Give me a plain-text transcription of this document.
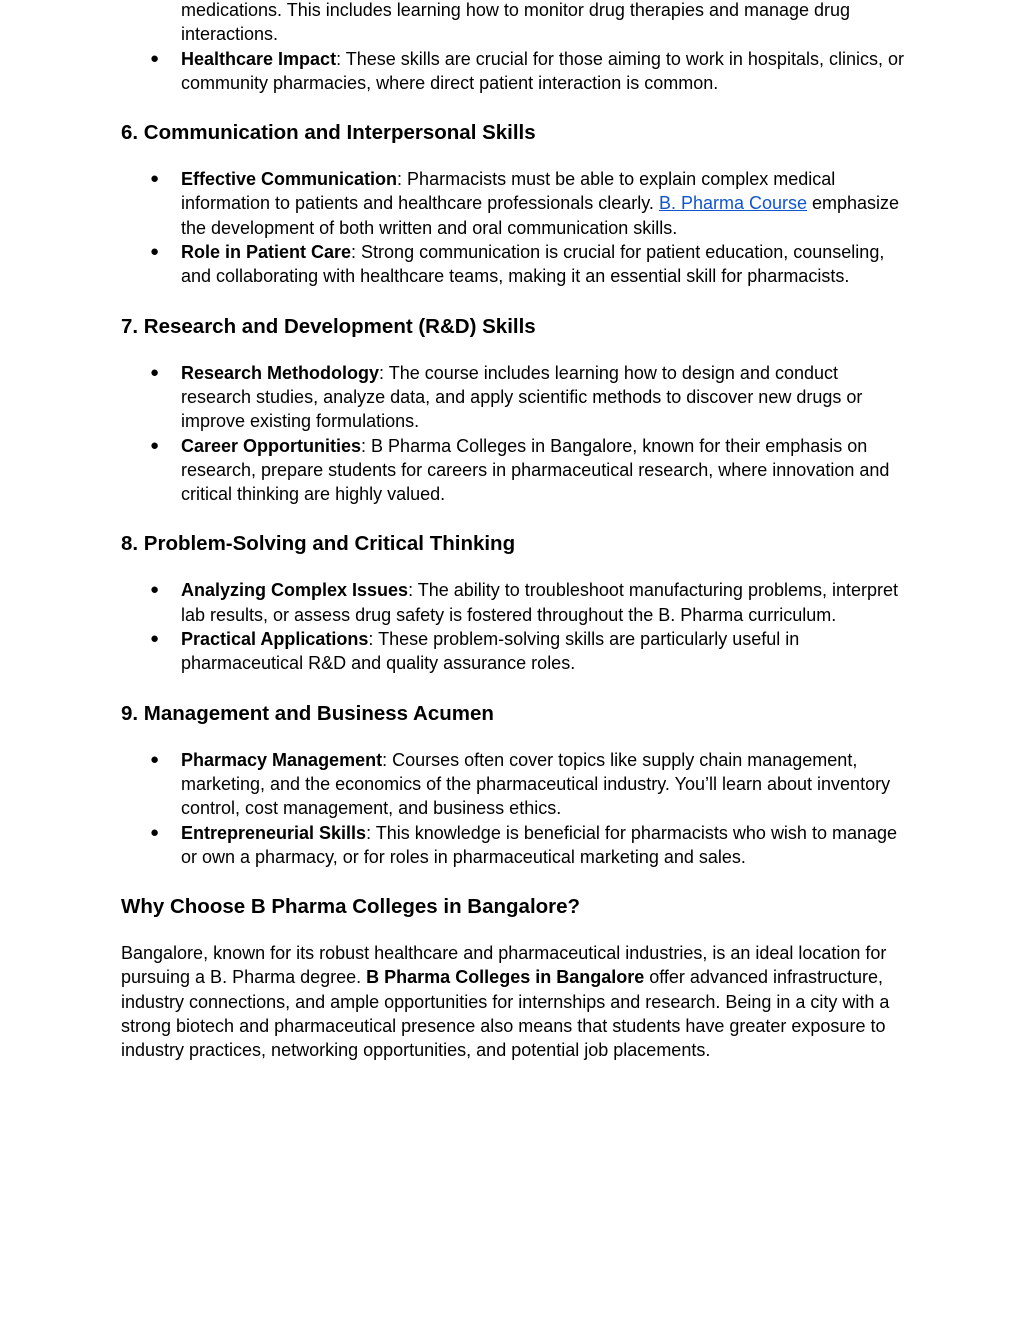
medications. This includes learning how to monitor drug therapies and manage drug interactions.
● Healthcare Impact: These skills are crucial for those aiming to work in hospitals, clinics, or community pharmacies, where direct patient interaction is common.
6. Communication and Interpersonal Skills
● Effective Communication: Pharmacists must be able to explain complex medical information to patients and healthcare professionals clearly. B. Pharma Course emphasize the development of both written and oral communication skills.
● Role in Patient Care: Strong communication is crucial for patient education, counseling, and collaborating with healthcare teams, making it an essential skill for pharmacists.
7. Research and Development (R&D) Skills
● Research Methodology: The course includes learning how to design and conduct research studies, analyze data, and apply scientific methods to discover new drugs or improve existing formulations.
● Career Opportunities: B Pharma Colleges in Bangalore, known for their emphasis on research, prepare students for careers in pharmaceutical research, where innovation and critical thinking are highly valued.
8. Problem-Solving and Critical Thinking
● Analyzing Complex Issues: The ability to troubleshoot manufacturing problems, interpret lab results, or assess drug safety is fostered throughout the B. Pharma curriculum.
● Practical Applications: These problem-solving skills are particularly useful in pharmaceutical R&D and quality assurance roles.
9. Management and Business Acumen
● Pharmacy Management: Courses often cover topics like supply chain management, marketing, and the economics of the pharmaceutical industry. You’ll learn about inventory control, cost management, and business ethics.
● Entrepreneurial Skills: This knowledge is beneficial for pharmacists who wish to manage or own a pharmacy, or for roles in pharmaceutical marketing and sales.
Why Choose B Pharma Colleges in Bangalore?

Bangalore, known for its robust healthcare and pharmaceutical industries, is an ideal location for pursuing a B. Pharma degree. B Pharma Colleges in Bangalore offer advanced infrastructure, industry connections, and ample opportunities for internships and research. Being in a city with a strong biotech and pharmaceutical presence also means that students have greater exposure to industry practices, networking opportunities, and potential job placements.
